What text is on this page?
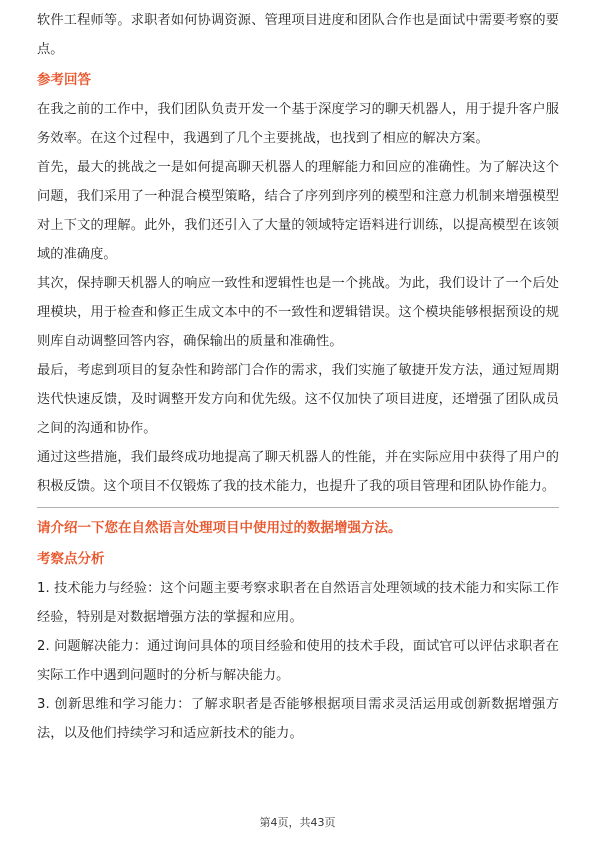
软件工程师等。求职者如何协调资源、管理项目进度和团队合作也是面试中需要考察的要点。

参考回答

在我之前的工作中，我们团队负责开发一个基于深度学习的聊天机器人，用于提升客户服务效率。在这个过程中，我遇到了几个主要挑战，也找到了相应的解决方案。

首先，最大的挑战之一是如何提高聊天机器人的理解能力和回应的准确性。为了解决这个问题，我们采用了一种混合模型策略，结合了序列到序列的模型和注意力机制来增强模型对上下文的理解。此外，我们还引入了大量的领域特定语料进行训练，以提高模型在该领域的准确度。

其次，保持聊天机器人的响应一致性和逻辑性也是一个挑战。为此，我们设计了一个后处理模块，用于检查和修正生成文本中的不一致性和逻辑错误。这个模块能够根据预设的规则库自动调整回答内容，确保输出的质量和准确性。

最后，考虑到项目的复杂性和跨部门合作的需求，我们实施了敏捷开发方法，通过短周期迭代快速反馈，及时调整开发方向和优先级。这不仅加快了项目进度，还增强了团队成员之间的沟通和协作。

通过这些措施，我们最终成功地提高了聊天机器人的性能，并在实际应用中获得了用户的积极反馈。这个项目不仅锻炼了我的技术能力，也提升了我的项目管理和团队协作能力。

请介绍一下您在自然语言处理项目中使用过的数据增强方法。

考察点分析

1. 技术能力与经验：这个问题主要考察求职者在自然语言处理领域的技术能力和实际工作经验，特别是对数据增强方法的掌握和应用。

2. 问题解决能力：通过询问具体的项目经验和使用的技术手段，面试官可以评估求职者在实际工作中遇到问题时的分析与解决能力。

3. 创新思维和学习能力：了解求职者是否能够根据项目需求灵活运用或创新数据增强方法，以及他们持续学习和适应新技术的能力。

第4页，共43页
